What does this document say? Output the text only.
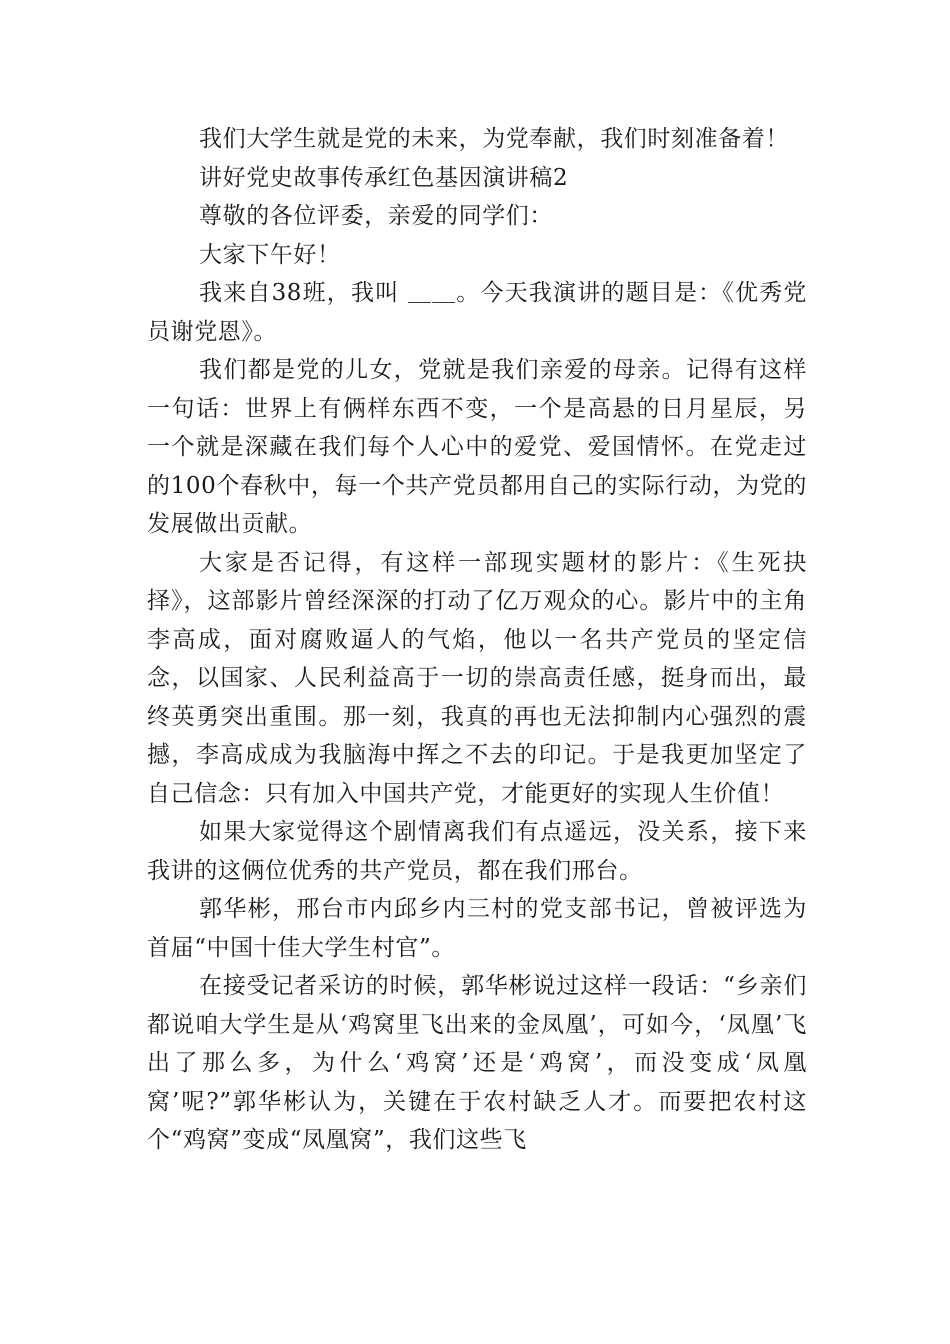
我们大学生就是党的未来，为党奉献，我们时刻准备着！

讲好党史故事传承红色基因演讲稿2

尊敬的各位评委，亲爱的同学们：

大家下午好！

我来自38班，我叫 ＿＿。今天我演讲的题目是：《优秀党员谢党恩》。

我们都是党的儿女，党就是我们亲爱的母亲。记得有这样一句话：世界上有俩样东西不变，一个是高悬的日月星辰，另一个就是深藏在我们每个人心中的爱党、爱国情怀。在党走过的100个春秋中，每一个共产党员都用自己的实际行动，为党的发展做出贡献。

大家是否记得，有这样一部现实题材的影片：《生死抉择》，这部影片曾经深深的打动了亿万观众的心。影片中的主角李高成，面对腐败逼人的气焰，他以一名共产党员的坚定信念，以国家、人民利益高于一切的崇高责任感，挺身而出，最终英勇突出重围。那一刻，我真的再也无法抑制内心强烈的震撼，李高成成为我脑海中挥之不去的印记。于是我更加坚定了自己信念：只有加入中国共产党，才能更好的实现人生价值！

如果大家觉得这个剧情离我们有点遥远，没关系，接下来我讲的这俩位优秀的共产党员，都在我们邢台。

郭华彬，邢台市内邱乡内三村的党支部书记，曾被评选为首届“中国十佳大学生村官”。

在接受记者采访的时候，郭华彬说过这样一段话：“乡亲们都说咱大学生是从‘鸡窝里飞出来的金凤凰’，可如今，‘凤凰’飞出了那么多，为什么‘鸡窝’还是‘鸡窝’，而没变成‘凤凰窝’呢?”郭华彬认为，关键在于农村缺乏人才。而要把农村这个“鸡窝”变成“凤凰窝”，我们这些飞
